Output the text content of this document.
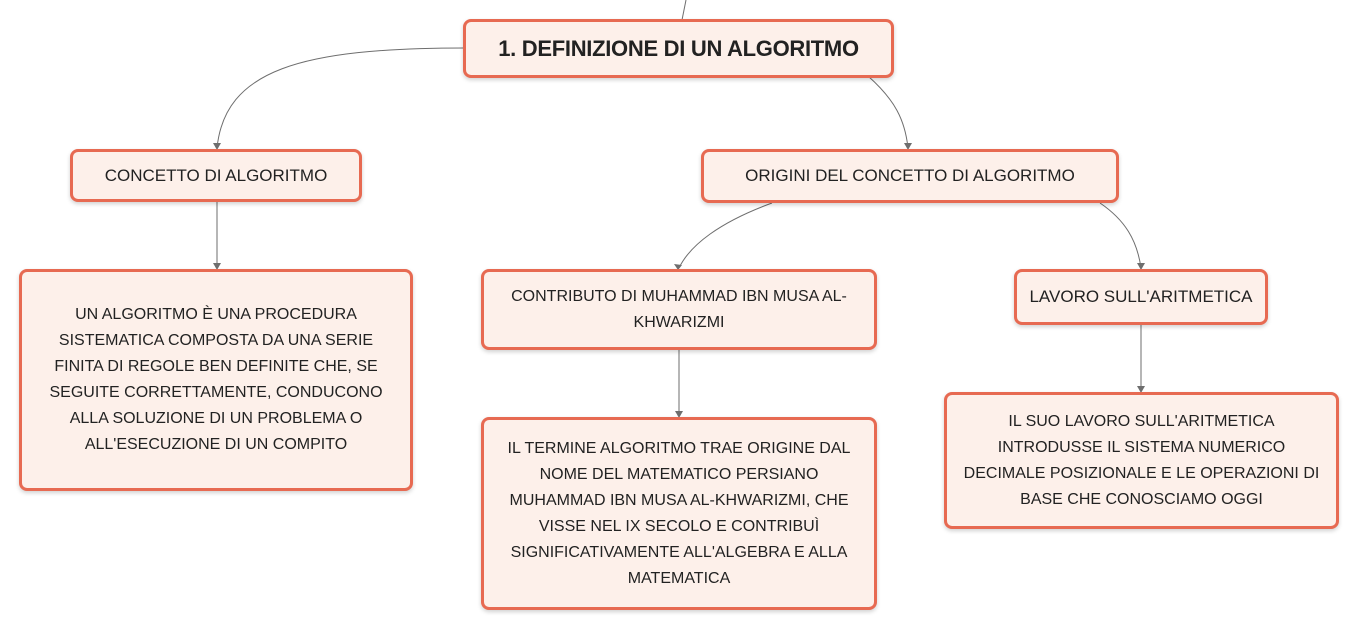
1. DEFINIZIONE DI UN ALGORITMO
CONCETTO DI ALGORITMO	ORIGINI DEL CONCETTO DI ALGORITMO
UN ALGORITMO È UNA PROCEDURA SISTEMATICA COMPOSTA DA UNA SERIE FINITA DI REGOLE BEN DEFINITE CHE, SE SEGUITE CORRETTAMENTE, CONDUCONO ALLA SOLUZIONE DI UN PROBLEMA O ALL'ESECUZIONE DI UN COMPITO
CONTRIBUTO DI MUHAMMAD IBN MUSA AL-KHWARIZMI
LAVORO SULL'ARITMETICA
IL TERMINE ALGORITMO TRAE ORIGINE DAL NOME DEL MATEMATICO PERSIANO MUHAMMAD IBN MUSA AL-KHWARIZMI, CHE VISSE NEL IX SECOLO E CONTRIBUÌ SIGNIFICATIVAMENTE ALL'ALGEBRA E ALLA MATEMATICA
IL SUO LAVORO SULL'ARITMETICA INTRODUSSE IL SISTEMA NUMERICO DECIMALE POSIZIONALE E LE OPERAZIONI DI BASE CHE CONOSCIAMO OGGI
